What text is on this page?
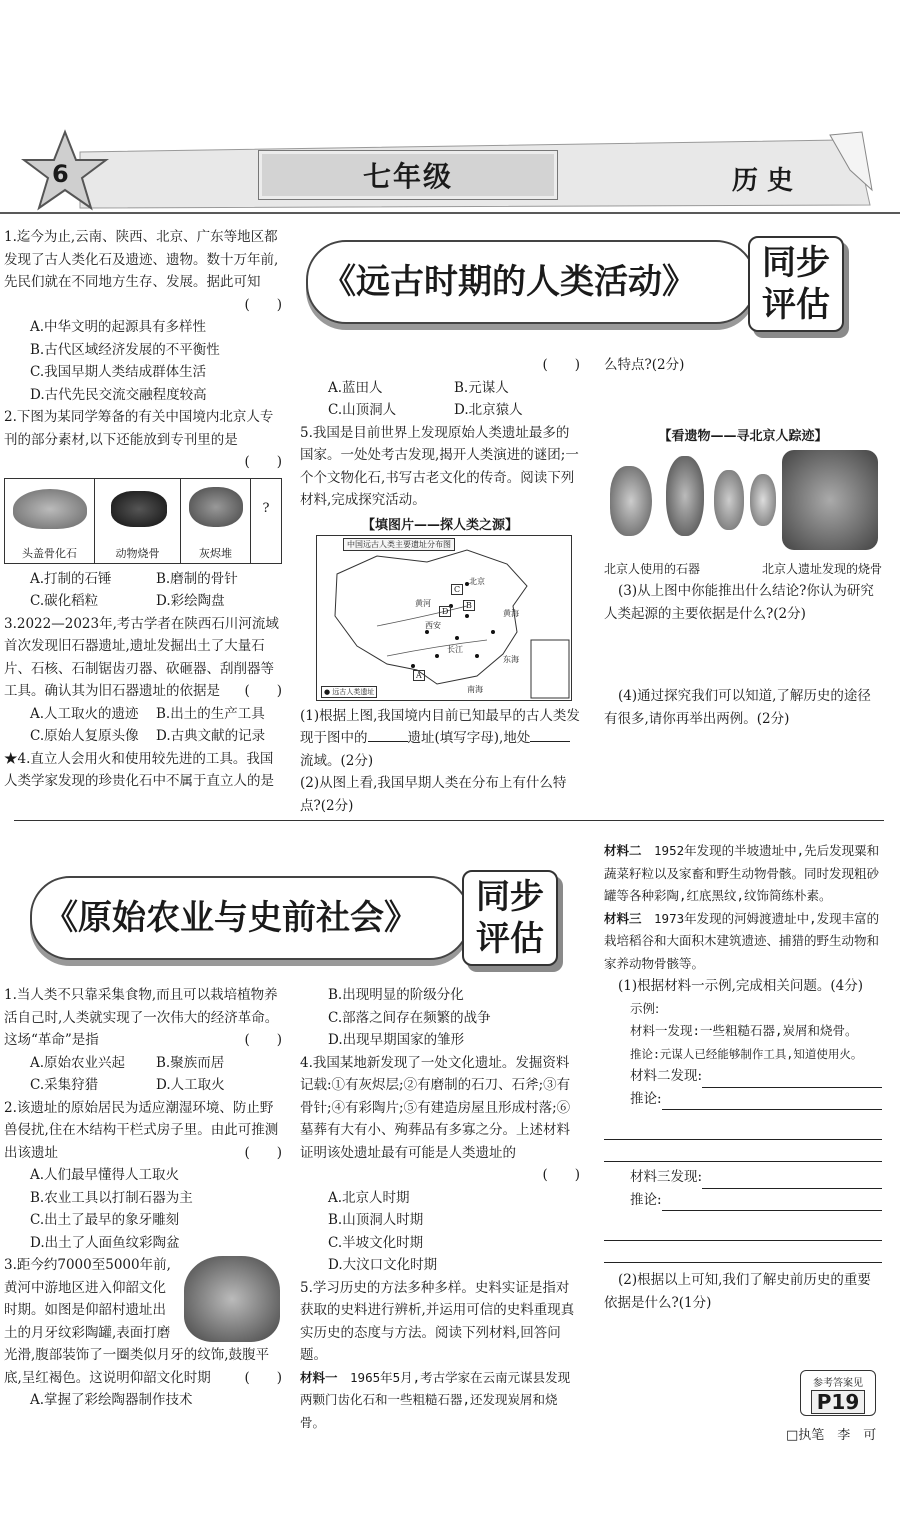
6	七年级	历 史
《远古时期的人类活动》	同步
评估
1.迄今为止,云南、陕西、北京、广东等地区都发现了古人类化石及遗迹、遗物。数十万年前,先民们就在不同地方生存、发展。据此可知
(　　)
A.中华文明的起源具有多样性
B.古代区域经济发展的不平衡性
C.我国早期人类结成群体生活
D.古代先民交流交融程度较高
2.下图为某同学筹备的有关中国境内北京人专刊的部分素材,以下还能放到专刊里的是
(　　)
头盖骨化石	动物烧骨	灰烬堆
?
A.打制的石锤	B.磨制的骨针
C.碳化稻粒	D.彩绘陶盘
3.2022—2023年,考古学者在陕西石川河流域首次发现旧石器遗址,遗址发掘出土了大量石片、石核、石制锯齿刃器、砍砸器、刮削器等工具。确认其为旧石器遗址的依据是 (　　)
A.人工取火的遗迹	B.出土的生产工具
C.原始人复原头像	D.古典文献的记录
★4.直立人会用火和使用较先进的工具。我国人类学家发现的珍贵化石中不属于直立人的是
(　　)
A.蓝田人	B.元谋人
C.山顶洞人	D.北京猿人
5.我国是目前世界上发现原始人类遗址最多的国家。一处处考古发现,揭开人类演进的谜团;一个个文物化石,书写古老文化的传奇。阅读下列材料,完成探究活动。
【填图片——探人类之源】
中国远古人类主要遗址分布图
北京
黄河
西安
长江
黄海
东海
南海
A
B
C
D
● 远古人类遗址
(1)根据上图,我国境内目前已知最早的古人类发现于图中的	遗址(填写字母),地处流域。(2分)
(2)从图上看,我国早期人类在分布上有什么特点?(2分)
么特点?(2分)
【看遗物——寻北京人踪迹】
北京人使用的石器	北京人遗址发现的烧骨
(3)从上图中你能推出什么结论?你认为研究人类起源的主要依据是什么?(2分)
(4)通过探究我们可以知道,了解历史的途径有很多,请你再举出两例。(2分)
《原始农业与史前社会》
同步
评估
1.当人类不只靠采集食物,而且可以栽培植物养活自己时,人类就实现了一次伟大的经济革命。这场“革命”是指	(　　)
A.原始农业兴起	B.聚族而居
C.采集狩猎	D.人工取火
2.该遗址的原始居民为适应潮湿环境、防止野兽侵扰,住在木结构干栏式房子里。由此可推测出该遗址	(　　)
A.人们最早懂得人工取火
B.农业工具以打制石器为主
C.出土了最早的象牙雕刻
D.出土了人面鱼纹彩陶盆
3.距今约7000至5000年前,黄河中游地区进入仰韶文化时期。如图是仰韶村遗址出土的月牙纹彩陶罐,表面打磨光滑,腹部装饰了一圈类似月牙的纹饰,鼓腹平底,呈红褐色。这说明仰韶文化时期 (　　)
A.掌握了彩绘陶器制作技术
B.出现明显的阶级分化
C.部落之间存在频繁的战争
D.出现早期国家的雏形
4.我国某地新发现了一处文化遗址。发掘资料记载:①有灰烬层;②有磨制的石刀、石斧;③有骨针;④有彩陶片;⑤有建造房屋且形成村落;⑥墓葬有大有小、殉葬品有多寡之分。上述材料证明该处遗址最有可能是人类遗址的
(　　)
A.北京人时期
B.山顶洞人时期
C.半坡文化时期
D.大汶口文化时期
5.学习历史的方法多种多样。史料实证是指对获取的史料进行辨析,并运用可信的史料重现真实历史的态度与方法。阅读下列材料,回答问题。
材料一　 1965年5月,考古学家在云南元谋县发现两颗门齿化石和一些粗糙石器,还发现炭屑和烧骨。
材料二　 1952年发现的半坡遗址中,先后发现粟和蔬菜籽粒以及家畜和野生动物骨骸。同时发现粗砂罐等各种彩陶,红底黑纹,纹饰简练朴素。
材料三　 1973年发现的河姆渡遗址中,发现丰富的栽培稻谷和大面积木建筑遗迹、捕猎的野生动物和家养动物骨骸等。
(1)根据材料一示例,完成相关问题。(4分)
示例:
材料一发现:一些粗糙石器,炭屑和烧骨。
推论:元谋人已经能够制作工具,知道使用火。
材料二发现:
推论:
材料三发现:
推论:
(2)根据以上可知,我们了解史前历史的重要依据是什么?(1分)
参考答案见
P19
□执笔　李　可
